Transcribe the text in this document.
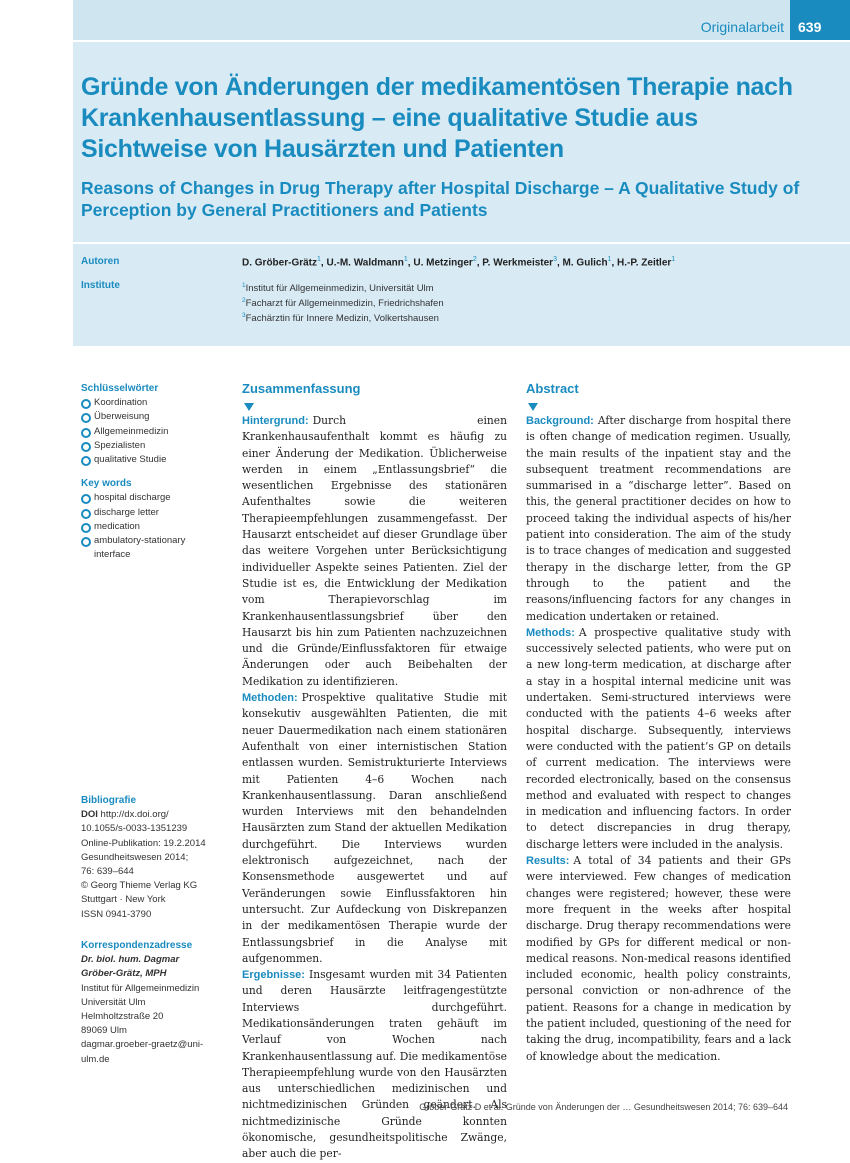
Originalarbeit	639
Gründe von Änderungen der medikamentösen Therapie nach Krankenhausentlassung – eine qualitative Studie aus Sichtweise von Hausärzten und Patienten
Reasons of Changes in Drug Therapy after Hospital Discharge – A Qualitative Study of Perception by General Practitioners and Patients
Autoren	D. Gröber-Grätz$^1$, U.-M. Waldmann$^1$, U. Metzinger$^2$, P. Werkmeister$^3$, M. Gulich$^1$, H.-P. Zeitler$^1$
Institute	$^1$Institut für Allgemeinmedizin, Universität Ulm
$^2$Facharzt für Allgemeinmedizin, Friedrichshafen
$^3$Fachärztin für Innere Medizin, Volkertshausen

Schlüsselwörter

Koordination

Überweisung

Allgemeinmedizin

Spezialisten

qualitative Studie

Key words

hospital discharge

discharge letter

medication

ambulatory-stationary interface

Bibliografie

DOI http://dx.doi.org/

10.1055/s-0033-1351239

Online-Publikation: 19.2.2014

Gesundheitswesen 2014;

76: 639–644

© Georg Thieme Verlag KG

Stuttgart · New York

ISSN 0941-3790

Korrespondenzadresse

Dr. biol. hum. Dagmar

Gröber-Grätz, MPH

Institut für Allgemeinmedizin

Universität Ulm

Helmholtzstraße 20

89069 Ulm

dagmar.groeber-graetz@uni-

ulm.de

Zusammenfassung

Hintergrund: Durch einen Krankenhausaufenthalt kommt es häufig zu einer Änderung der Medikation. Üblicherweise werden in einem „Entlassungsbrief“ die wesentlichen Ergebnisse des stationären Aufenthaltes sowie die weiteren Therapieempfehlungen zusammengefasst. Der Hausarzt entscheidet auf dieser Grundlage über das weitere Vorgehen unter Berücksichtigung individueller Aspekte seines Patienten. Ziel der Studie ist es, die Entwicklung der Medikation vom Therapievorschlag im Krankenhausentlassungsbrief über den Hausarzt bis hin zum Patienten nachzuzeichnen und die Gründe/Einflussfaktoren für etwaige Änderungen oder auch Beibehalten der Medikation zu identifizieren.

Methoden: Prospektive qualitative Studie mit konsekutiv ausgewählten Patienten, die mit neuer Dauermedikation nach einem stationären Aufenthalt von einer internistischen Station entlassen wurden. Semistrukturierte Interviews mit Patienten 4–6 Wochen nach Krankenhausentlassung. Daran anschließend wurden Interviews mit den behandelnden Hausärzten zum Stand der aktuellen Medikation durchgeführt. Die Interviews wurden elektronisch aufgezeichnet, nach der Konsensmethode ausgewertet und auf Veränderungen sowie Einflussfaktoren hin untersucht. Zur Aufdeckung von Diskrepanzen in der medikamentösen Therapie wurde der Entlassungsbrief in die Analyse mit aufgenommen.

Ergebnisse: Insgesamt wurden mit 34 Patienten und deren Hausärzte leitfragengestützte Interviews durchgeführt. Medikationsänderungen traten gehäuft im Verlauf von Wochen nach Krankenhausentlassung auf. Die medikamentöse Therapieempfehlung wurde von den Hausärzten aus unterschiedlichen medizinischen und nichtmedizinischen Gründen geändert. Als nichtmedizinische Gründe konnten ökonomische, gesundheitspolitische Zwänge, aber auch die per-

Abstract

Background: After discharge from hospital there is often change of medication regimen. Usually, the main results of the inpatient stay and the subsequent treatment recommendations are summarised in a “discharge letter”. Based on this, the general practitioner decides on how to proceed taking the individual aspects of his/her patient into consideration. The aim of the study is to trace changes of medication and suggested therapy in the discharge letter, from the GP through to the patient and the reasons/influencing factors for any changes in medication undertaken or retained.

Methods: A prospective qualitative study with successively selected patients, who were put on a new long-term medication, at discharge after a stay in a hospital internal medicine unit was undertaken. Semi-structured interviews were conducted with the patients 4–6 weeks after hospital discharge. Subsequently, interviews were conducted with the patient’s GP on details of current medication. The interviews were recorded electronically, based on the consensus method and evaluated with respect to changes in medication and influencing factors. In order to detect discrepancies in drug therapy, discharge letters were included in the analysis.

Results: A total of 34 patients and their GPs were interviewed. Few changes of medication changes were registered; however, these were more frequent in the weeks after hospital discharge. Drug therapy recommendations were modified by GPs for different medical or non-medical reasons. Non-medical reasons identified included economic, health policy constraints, personal conviction or non-adhrence of the patient. Reasons for a change in medication by the patient included, questioning of the need for taking the drug, incompatibility, fears and a lack of knowledge about the medication.

Gröber-Grätz D et al. Gründe von Änderungen der … Gesundheitswesen 2014; 76: 639–644
